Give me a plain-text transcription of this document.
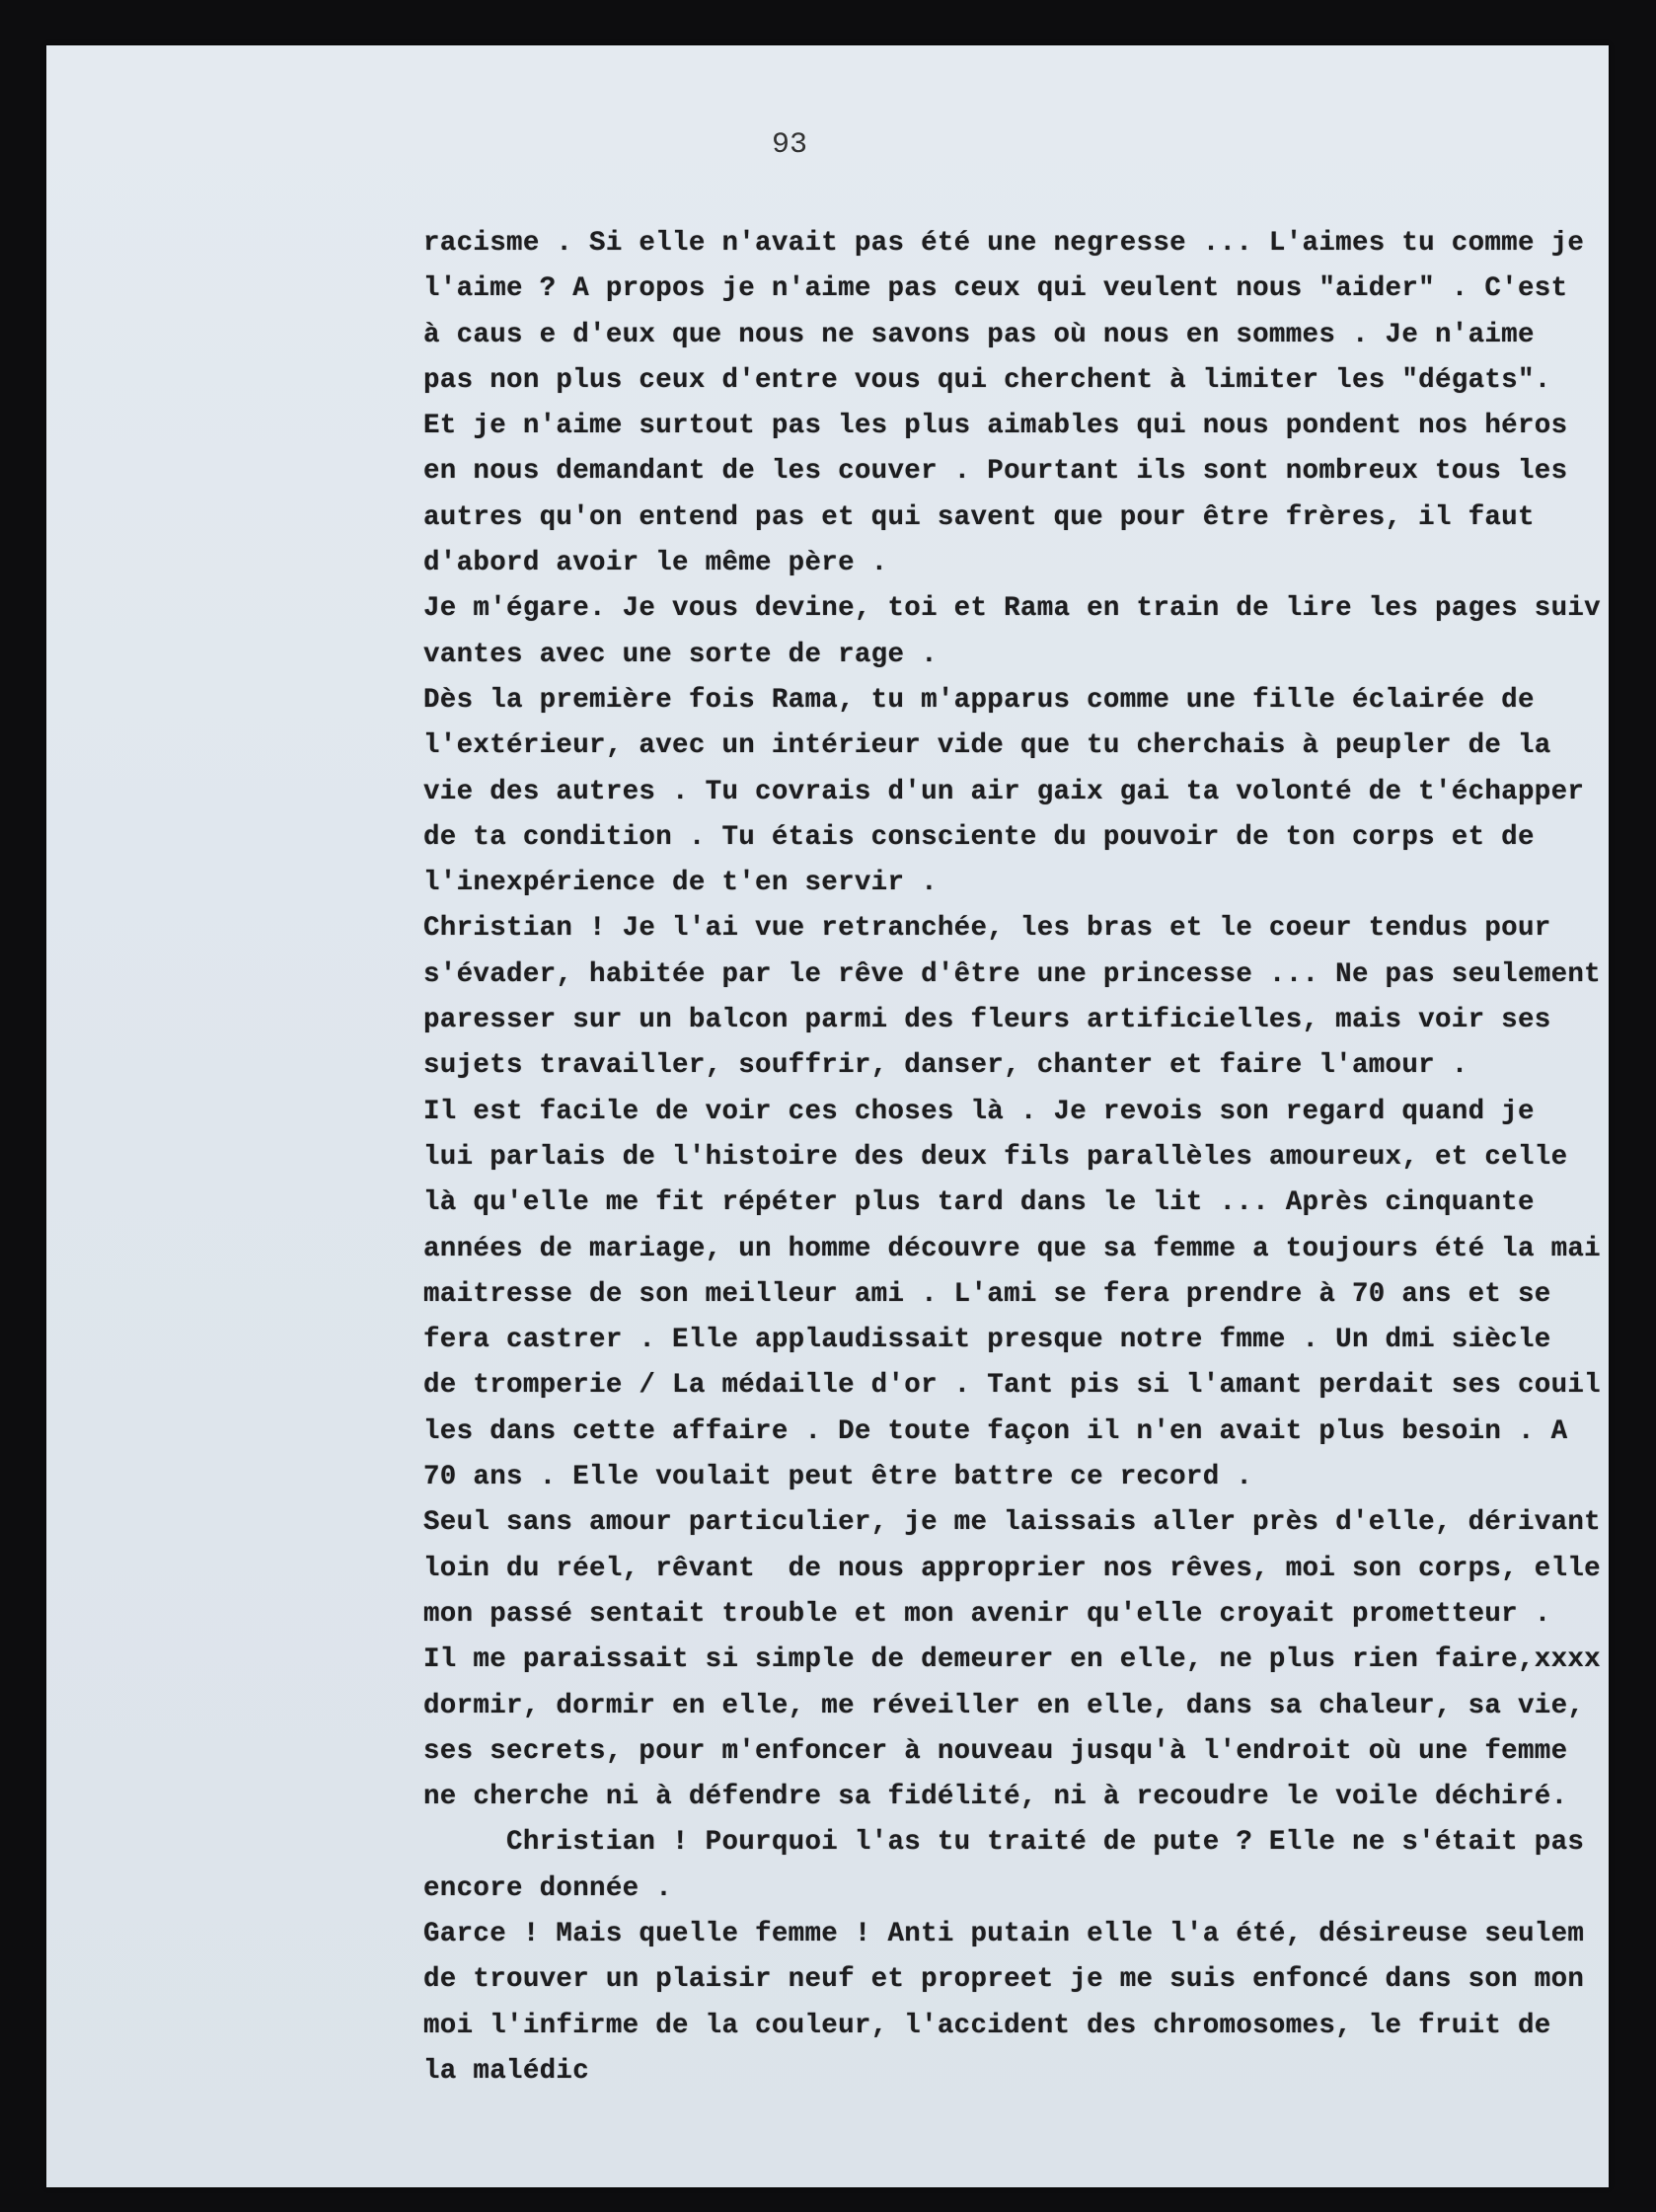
93
racisme . Si elle n'avait pas été une negresse ... L'aimes tu comme je
l'aime ? A propos je n'aime pas ceux qui veulent nous "aider" . C'est
à caus e d'eux que nous ne savons pas où nous en sommes . Je n'aime
pas non plus ceux d'entre vous qui cherchent à limiter les "dégats".
Et je n'aime surtout pas les plus aimables qui nous pondent nos héros
en nous demandant de les couver . Pourtant ils sont nombreux tous les
autres qu'on entend pas et qui savent que pour être frères, il faut
d'abord avoir le même père .
Je m'égare. Je vous devine, toi et Rama en train de lire les pages suiv
vantes avec une sorte de rage .
Dès la première fois Rama, tu m'apparus comme une fille éclairée de
l'extérieur, avec un intérieur vide que tu cherchais à peupler de la
vie des autres . Tu covrais d'un air gaix gai ta volonté de t'échapper
de ta condition . Tu étais consciente du pouvoir de ton corps et de
l'inexpérience de t'en servir .
Christian ! Je l'ai vue retranchée, les bras et le coeur tendus pour
s'évader, habitée par le rêve d'être une princesse ... Ne pas seulement
paresser sur un balcon parmi des fleurs artificielles, mais voir ses
sujets travailler, souffrir, danser, chanter et faire l'amour .
Il est facile de voir ces choses là . Je revois son regard quand je
lui parlais de l'histoire des deux fils parallèles amoureux, et celle
là qu'elle me fit répéter plus tard dans le lit ... Après cinquante
années de mariage, un homme découvre que sa femme a toujours été la mai
maitresse de son meilleur ami . L'ami se fera prendre à 70 ans et se
fera castrer . Elle applaudissait presque notre fmme . Un dmi siècle
de tromperie / La médaille d'or . Tant pis si l'amant perdait ses couil
les dans cette affaire . De toute façon il n'en avait plus besoin . A
70 ans . Elle voulait peut être battre ce record .
Seul sans amour particulier, je me laissais aller près d'elle, dérivant
loin du réel, rêvant  de nous approprier nos rêves, moi son corps, elle
mon passé sentait trouble et mon avenir qu'elle croyait prometteur .
Il me paraissait si simple de demeurer en elle, ne plus rien faire,xxxx
dormir, dormir en elle, me réveiller en elle, dans sa chaleur, sa vie,
ses secrets, pour m'enfoncer à nouveau jusqu'à l'endroit où une femme
ne cherche ni à défendre sa fidélité, ni à recoudre le voile déchiré.
Christian ! Pourquoi l'as tu traité de pute ? Elle ne s'était pas
encore donnée .
Garce ! Mais quelle femme ! Anti putain elle l'a été, désireuse seulem
de trouver un plaisir neuf et propreet je me suis enfoncé dans son mon
moi l'infirme de la couleur, l'accident des chromosomes, le fruit de
la malédic
